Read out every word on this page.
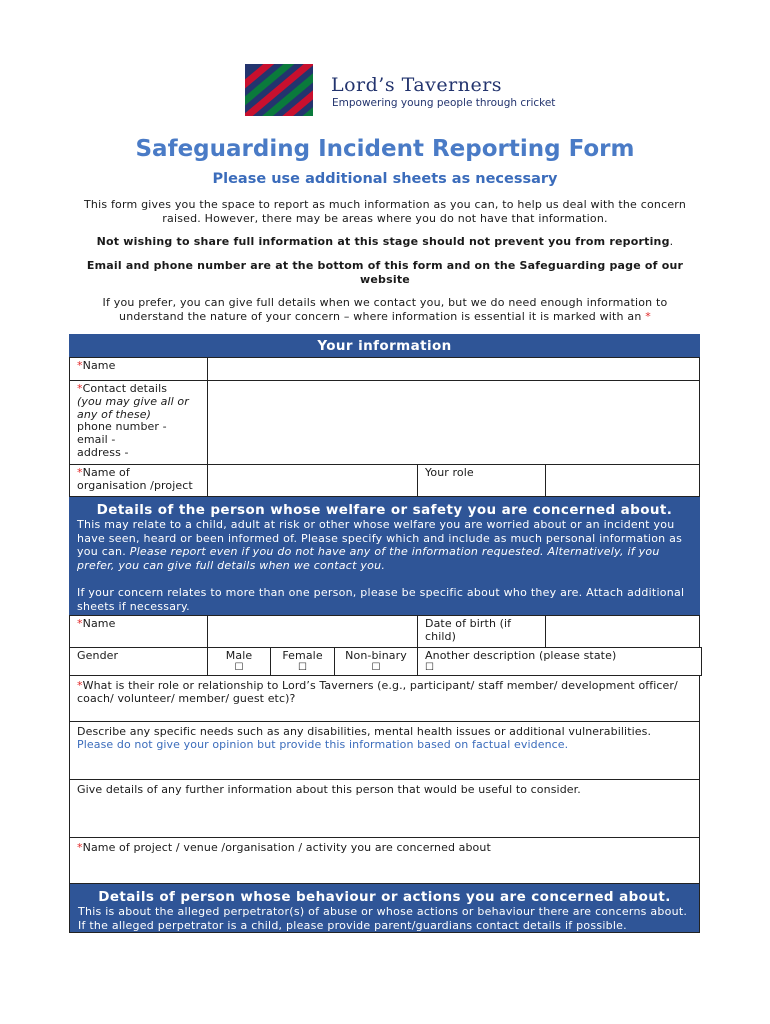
Lord’s Taverners
Empowering young people through cricket
Safeguarding Incident Reporting Form
Please use additional sheets as necessary

This form gives you the space to report as much information as you can, to help us deal with the concern raised. However, there may be areas where you do not have that information.

Not wishing to share full information at this stage should not prevent you from reporting.

Email and phone number are at the bottom of this form and on the Safeguarding page of our website

If you prefer, you can give full details when we contact you, but we do need enough information to understand the nature of your concern – where information is essential it is marked with an *

Your information
*Name
*Contact details
(you may give all or any of these)
phone number -
email -
address -
*Name of organisation /project
Your role
Details of the person whose welfare or safety you are concerned about.

This may relate to a child, adult at risk or other whose welfare you are worried about or an incident you have seen, heard or been informed of. Please specify which and include as much personal information as you can. Please report even if you do not have any of the information requested. Alternatively, if you prefer, you can give full details when we contact you.

If your concern relates to more than one person, please be specific about who they are. Attach additional sheets if necessary.

*Name	Date of birth (if child)
Gender	Male
☐
Female
☐
Non-binary
☐
Another description (please state)
☐
*What is their role or relationship to Lord’s Taverners (e.g., participant/ staff member/ development officer/ coach/ volunteer/ member/ guest etc)?
Describe any specific needs such as any disabilities, mental health issues or additional vulnerabilities.
Please do not give your opinion but provide this information based on factual evidence.
Give details of any further information about this person that would be useful to consider.
*Name of project / venue /organisation / activity you are concerned about
Details of person whose behaviour or actions you are concerned about.

This is about the alleged perpetrator(s) of abuse or whose actions or behaviour there are concerns about. If the alleged perpetrator is a child, please provide parent/guardians contact details if possible.
